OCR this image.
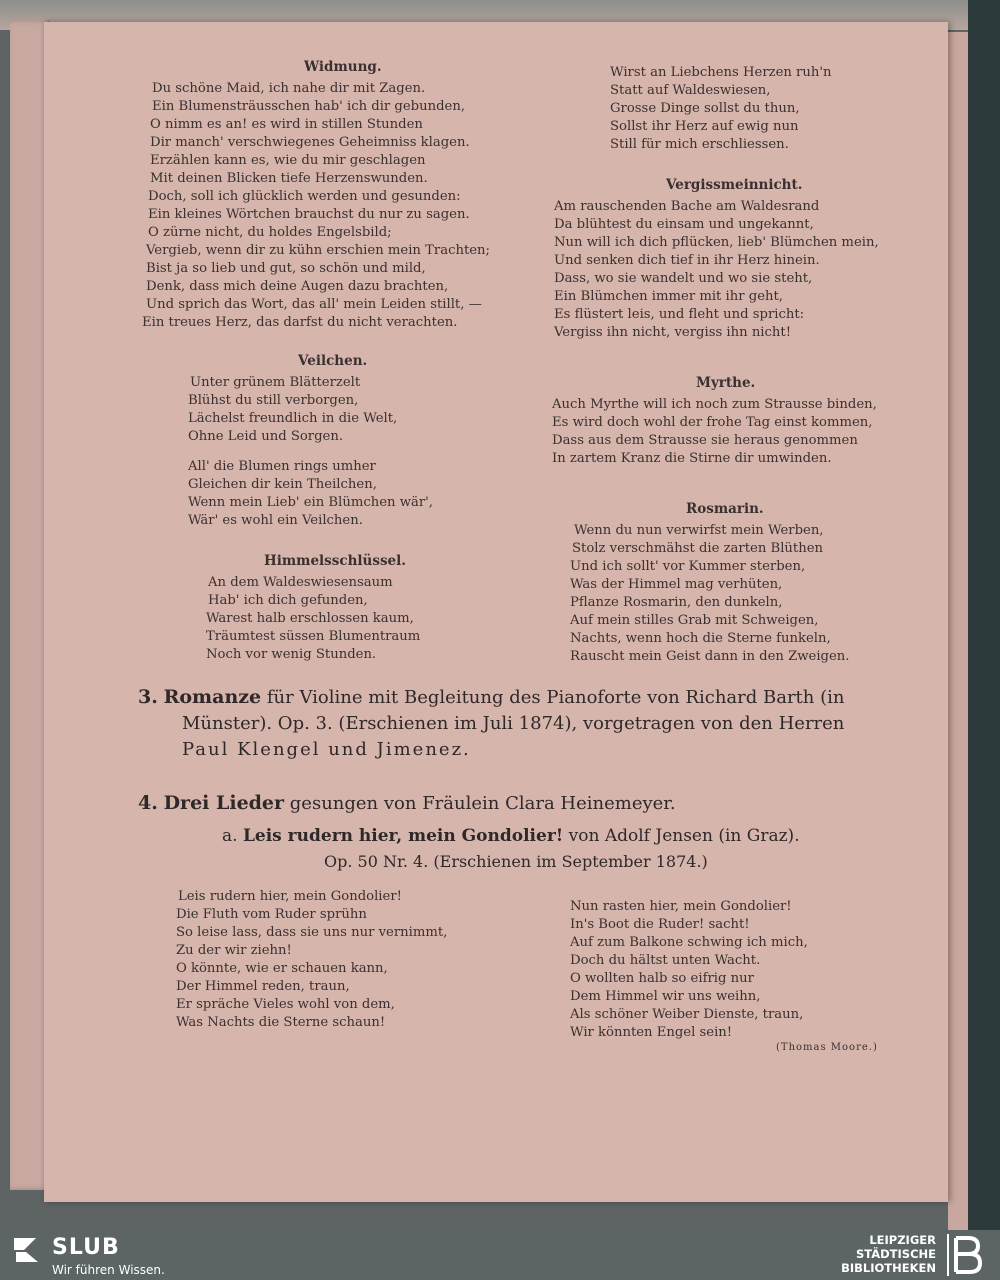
Widmung.
Du schöne Maid, ich nahe dir mit Zagen.
Ein Blumensträusschen hab' ich dir gebunden,
O nimm es an! es wird in stillen Stunden
Dir manch' verschwiegenes Geheimniss klagen.
Erzählen kann es, wie du mir geschlagen
Mit deinen Blicken tiefe Herzenswunden.
Doch, soll ich glücklich werden und gesunden:
Ein kleines Wörtchen brauchst du nur zu sagen.
O zürne nicht, du holdes Engelsbild;
Vergieb, wenn dir zu kühn erschien mein Trachten;
Bist ja so lieb und gut, so schön und mild,
Denk, dass mich deine Augen dazu brachten,
Und sprich das Wort, das all' mein Leiden stillt, —
Ein treues Herz, das darfst du nicht verachten.
Veilchen.
Unter grünem Blätterzelt
Blühst du still verborgen,
Lächelst freundlich in die Welt,
Ohne Leid und Sorgen.
All' die Blumen rings umher
Gleichen dir kein Theilchen,
Wenn mein Lieb' ein Blümchen wär',
Wär' es wohl ein Veilchen.
Himmelsschlüssel.
An dem Waldeswiesensaum
Hab' ich dich gefunden,
Warest halb erschlossen kaum,
Träumtest süssen Blumentraum
Noch vor wenig Stunden.
Wirst an Liebchens Herzen ruh'n
Statt auf Waldeswiesen,
Grosse Dinge sollst du thun,
Sollst ihr Herz auf ewig nun
Still für mich erschliessen.
Vergissmeinnicht.
Am rauschenden Bache am Waldesrand
Da blühtest du einsam und ungekannt,
Nun will ich dich pflücken, lieb' Blümchen mein,
Und senken dich tief in ihr Herz hinein.
Dass, wo sie wandelt und wo sie steht,
Ein Blümchen immer mit ihr geht,
Es flüstert leis, und fleht und spricht:
Vergiss ihn nicht, vergiss ihn nicht!
Myrthe.
Auch Myrthe will ich noch zum Strausse binden,
Es wird doch wohl der frohe Tag einst kommen,
Dass aus dem Strausse sie heraus genommen
In zartem Kranz die Stirne dir umwinden.
Rosmarin.
Wenn du nun verwirfst mein Werben,
Stolz verschmähst die zarten Blüthen
Und ich sollt' vor Kummer sterben,
Was der Himmel mag verhüten,
Pflanze Rosmarin, den dunkeln,
Auf mein stilles Grab mit Schweigen,
Nachts, wenn hoch die Sterne funkeln,
Rauscht mein Geist dann in den Zweigen.
3. Romanze für Violine mit Begleitung des Pianoforte von Richard Barth (in
Münster). Op. 3. (Erschienen im Juli 1874), vorgetragen von den Herren
Paul Klengel und Jimenez.
4. Drei Lieder gesungen von Fräulein Clara Heinemeyer.
a. Leis rudern hier, mein Gondolier! von Adolf Jensen (in Graz).
Op. 50 Nr. 4. (Erschienen im September 1874.)
Leis rudern hier, mein Gondolier!
Die Fluth vom Ruder sprühn
So leise lass, dass sie uns nur vernimmt,
Zu der wir ziehn!
O könnte, wie er schauen kann,
Der Himmel reden, traun,
Er spräche Vieles wohl von dem,
Was Nachts die Sterne schaun!
Nun rasten hier, mein Gondolier!
In's Boot die Ruder! sacht!
Auf zum Balkone schwing ich mich,
Doch du hältst unten Wacht.
O wollten halb so eifrig nur
Dem Himmel wir uns weihn,
Als schöner Weiber Dienste, traun,
Wir könnten Engel sein!
(Thomas Moore.)
SLUB
Wir führen Wissen.
LEIPZIGER
STÄDTISCHE
BIBLIOTHEKEN
